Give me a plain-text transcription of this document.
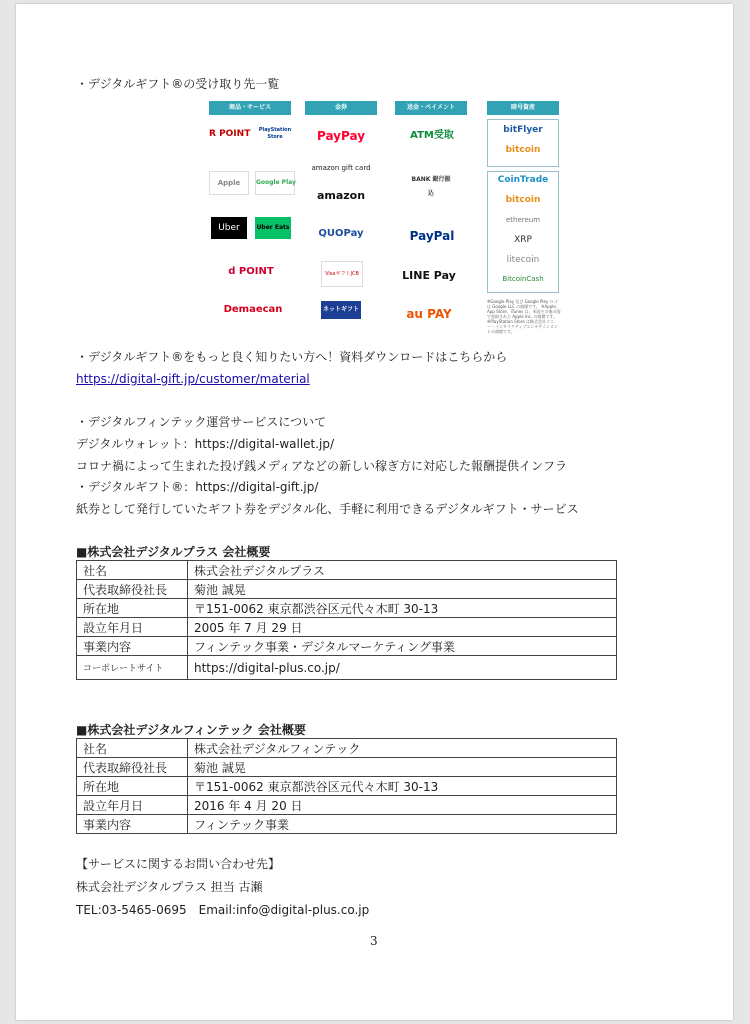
・デジタルギフト®の受け取り先一覧
商品・サービス	金券	送金・ペイメント	暗号資産
R POINT	PlayStation Store
Apple	Google Play
Uber	Uber Eats
d POINT
Demaecan
PayPay
amazon gift card
amazon
QUOPay
VisaギフトJCB
ネットギフト
ATM受取
BANK 銀行振込
PayPal
LINE Pay
au PAY
bitFlyer
bitcoin
CoinTrade
bitcoin
ethereum
XRP
litecoin
BitcoinCash
※Google Play 及び Google Play ロゴは Google LLC の商標です。 ※Apple、App Store、iTunes は、米国その他の国で登録された Apple Inc. の商標です。 ※PlayStation Store は株式会社ソニー・インタラクティブエンタテインメントの商標です。
・デジタルギフト®をもっと良く知りたい方へ！資料ダウンロードはこちらから
https://digital-gift.jp/customer/material
・デジタルフィンテック運営サービスについて
デジタルウォレット：https://digital-wallet.jp/
コロナ禍によって生まれた投げ銭メディアなどの新しい稼ぎ方に対応した報酬提供インフラ
・デジタルギフト®：https://digital-gift.jp/
紙券として発行していたギフト券をデジタル化、手軽に利用できるデジタルギフト・サービス
■株式会社デジタルプラス 会社概要
社名	株式会社デジタルプラス
代表取締役社長	菊池 誠晃
所在地	〒151-0062 東京都渋谷区元代々木町 30-13
設立年月日	2005 年 7 月 29 日
事業内容	フィンテック事業・デジタルマーケティング事業
コーポレートサイト	https://digital-plus.co.jp/
■株式会社デジタルフィンテック 会社概要
社名	株式会社デジタルフィンテック
代表取締役社長	菊池 誠晃
所在地	〒151-0062 東京都渋谷区元代々木町 30-13
設立年月日	2016 年 4 月 20 日
事業内容	フィンテック事業
【サービスに関するお問い合わせ先】
株式会社デジタルプラス 担当 古瀬
TEL:03-5465-0695　Email:info@digital-plus.co.jp
3
